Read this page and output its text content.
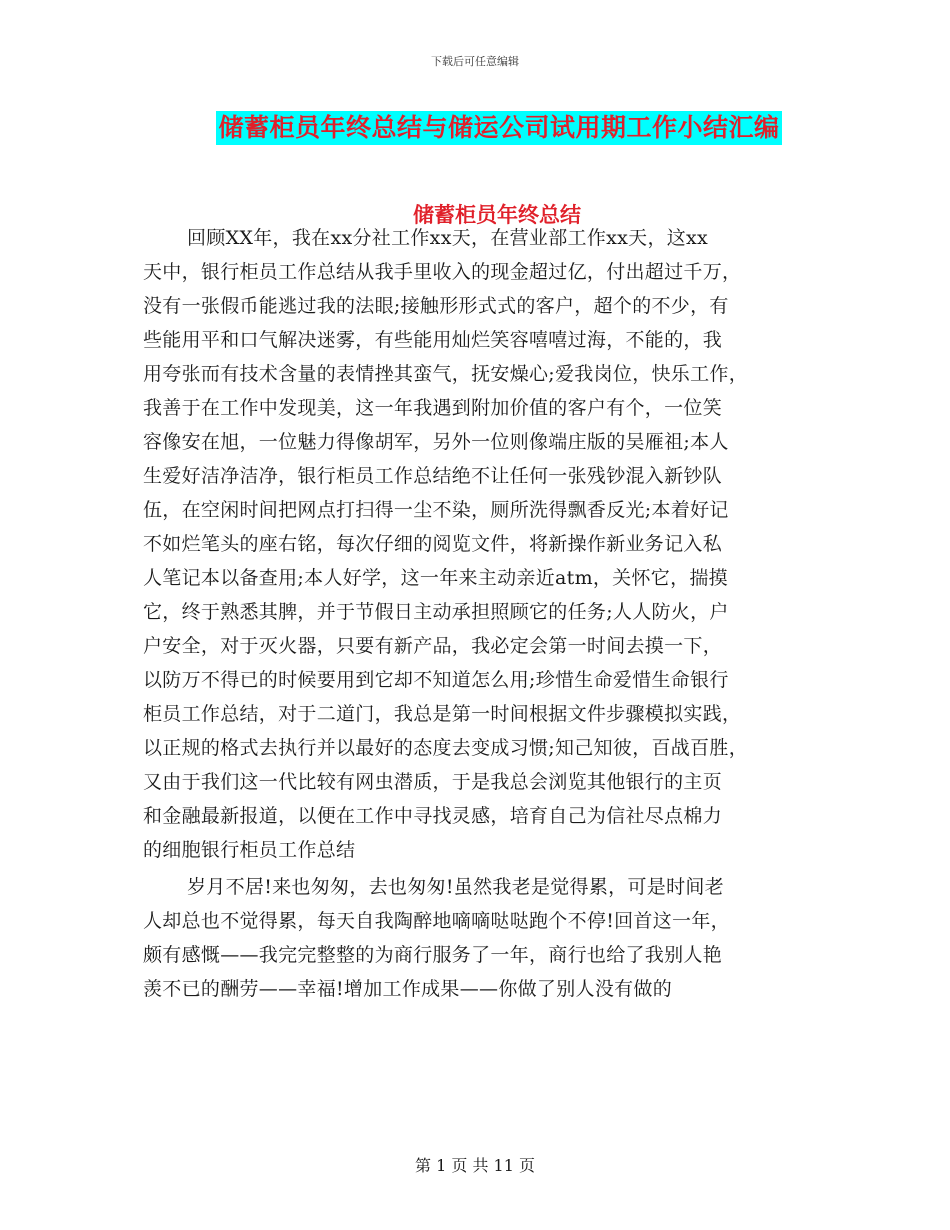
下载后可任意编辑
储蓄柜员年终总结与储运公司试用期工作小结汇编
储蓄柜员年终总结
回顾XX年，我在xx分社工作xx天，在营业部工作xx天，这xx
天中，银行柜员工作总结从我手里收入的现金超过亿，付出超过千万，
没有一张假币能逃过我的法眼;接触形形式式的客户，超个的不少，有
些能用平和口气解决迷雾，有些能用灿烂笑容嘻嘻过海，不能的，我
用夸张而有技术含量的表情挫其蛮气，抚安燥心;爱我岗位，快乐工作，
我善于在工作中发现美，这一年我遇到附加价值的客户有个，一位笑
容像安在旭，一位魅力得像胡军，另外一位则像端庄版的吴雁祖;本人
生爱好洁净洁净，银行柜员工作总结绝不让任何一张残钞混入新钞队
伍，在空闲时间把网点打扫得一尘不染，厕所洗得飘香反光;本着好记
不如烂笔头的座右铭，每次仔细的阅览文件，将新操作新业务记入私
人笔记本以备查用;本人好学，这一年来主动亲近atm，关怀它，揣摸
它，终于熟悉其脾，并于节假日主动承担照顾它的任务;人人防火，户
户安全，对于灭火器，只要有新产品，我必定会第一时间去摸一下，
以防万不得已的时候要用到它却不知道怎么用;珍惜生命爱惜生命银行
柜员工作总结，对于二道门，我总是第一时间根据文件步骤模拟实践，
以正规的格式去执行并以最好的态度去变成习惯;知己知彼，百战百胜，
又由于我们这一代比较有网虫潜质，于是我总会浏览其他银行的主页
和金融最新报道，以便在工作中寻找灵感，培育自己为信社尽点棉力
的细胞银行柜员工作总结
岁月不居!来也匆匆，去也匆匆!虽然我老是觉得累，可是时间老
人却总也不觉得累，每天自我陶醉地嘀嘀哒哒跑个不停!回首这一年，
颇有感慨——我完完整整的为商行服务了一年，商行也给了我别人艳
羡不已的酬劳——幸福!增加工作成果——你做了别人没有做的
第 1 页 共 11 页
